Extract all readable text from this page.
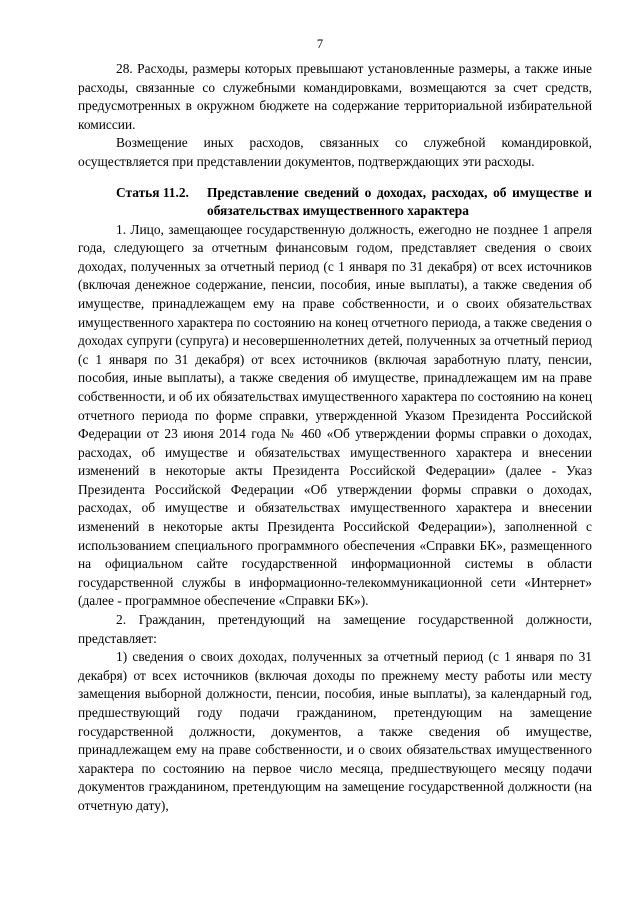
7

28. Расходы, размеры которых превышают установленные размеры, а также иные расходы, связанные со служебными командировками, возмещаются за счет средств, предусмотренных в окружном бюджете на содержание территориальной избирательной комиссии.

Возмещение иных расходов, связанных со служебной командировкой, осуществляется при представлении документов, подтверждающих эти расходы.

Статья 11.2.	Представление сведений о доходах, расходах, об имуществе и обязательствах имущественного характера

1. Лицо, замещающее государственную должность, ежегодно не позднее 1 апреля года, следующего за отчетным финансовым годом, представляет сведения о своих доходах, полученных за отчетный период (с 1 января по 31 декабря) от всех источников (включая денежное содержание, пенсии, пособия, иные выплаты), а также сведения об имуществе, принадлежащем ему на праве собственности, и о своих обязательствах имущественного характера по состоянию на конец отчетного периода, а также сведения о доходах супруги (супруга) и несовершеннолетних детей, полученных за отчетный период (с 1 января по 31 декабря) от всех источников (включая заработную плату, пенсии, пособия, иные выплаты), а также сведения об имуществе, принадлежащем им на праве собственности, и об их обязательствах имущественного характера по состоянию на конец отчетного периода по форме справки, утвержденной Указом Президента Российской Федерации от 23 июня 2014 года № 460 «Об утверждении формы справки о доходах, расходах, об имуществе и обязательствах имущественного характера и внесении изменений в некоторые акты Президента Российской Федерации» (далее - Указ Президента Российской Федерации «Об утверждении формы справки о доходах, расходах, об имуществе и обязательствах имущественного характера и внесении изменений в некоторые акты Президента Российской Федерации»), заполненной с использованием специального программного обеспечения «Справки БК», размещенного на официальном сайте государственной информационной системы в области государственной службы в информационно-телекоммуникационной сети «Интернет» (далее - программное обеспечение «Справки БК»).

2. Гражданин, претендующий на замещение государственной должности, представляет:

1) сведения о своих доходах, полученных за отчетный период (с 1 января по 31 декабря) от всех источников (включая доходы по прежнему месту работы или месту замещения выборной должности, пенсии, пособия, иные выплаты), за календарный год, предшествующий году подачи гражданином, претендующим на замещение государственной должности, документов, а также сведения об имуществе, принадлежащем ему на праве собственности, и о своих обязательствах имущественного характера по состоянию на первое число месяца, предшествующего месяцу подачи документов гражданином, претендующим на замещение государственной должности (на отчетную дату),
